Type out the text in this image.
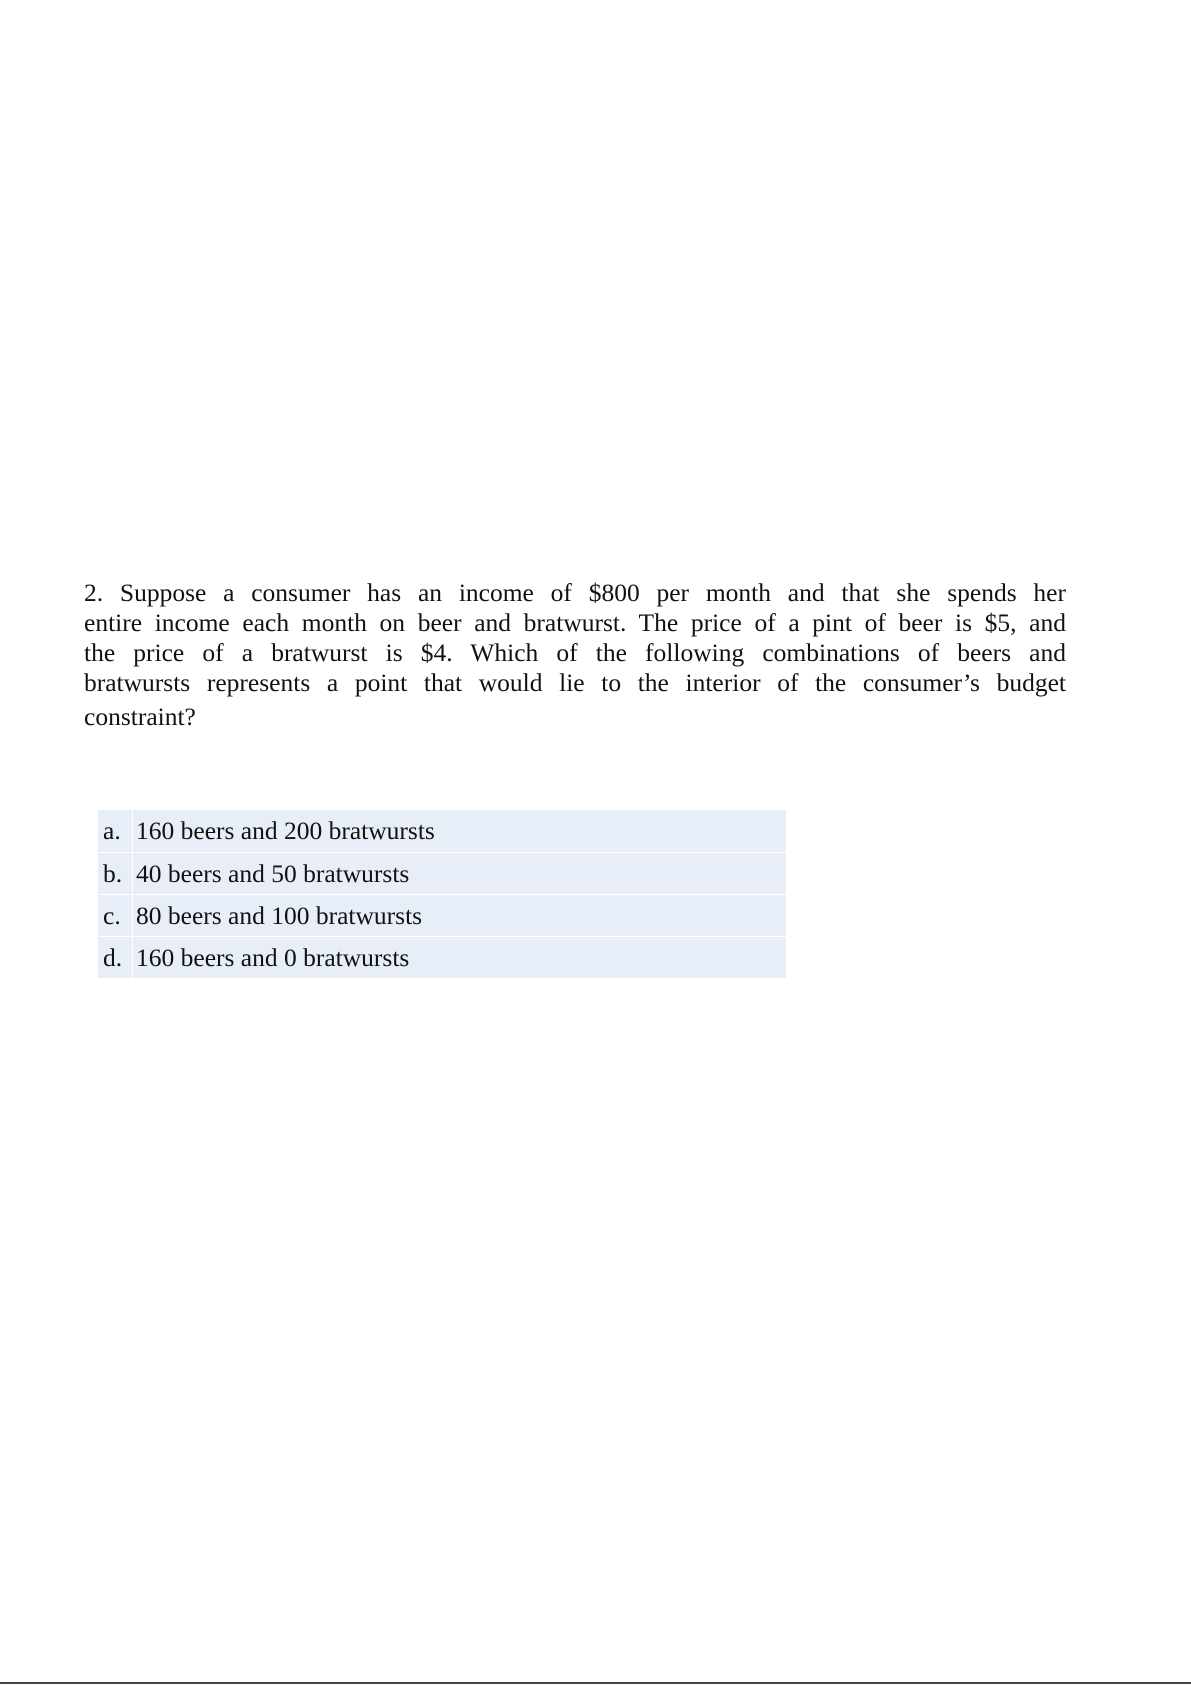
2. Suppose a consumer has an income of $800 per month and that she spends her
entire income each month on beer and bratwurst. The price of a pint of beer is $5, and
the price of a bratwurst is $4. Which of the following combinations of beers and
bratwursts represents a point that would lie to the interior of the consumer’s budget
constraint?
a.	160 beers and 200 bratwursts
b.	40 beers and 50 bratwursts
c.	80 beers and 100 bratwursts
d.	160 beers and 0 bratwursts
